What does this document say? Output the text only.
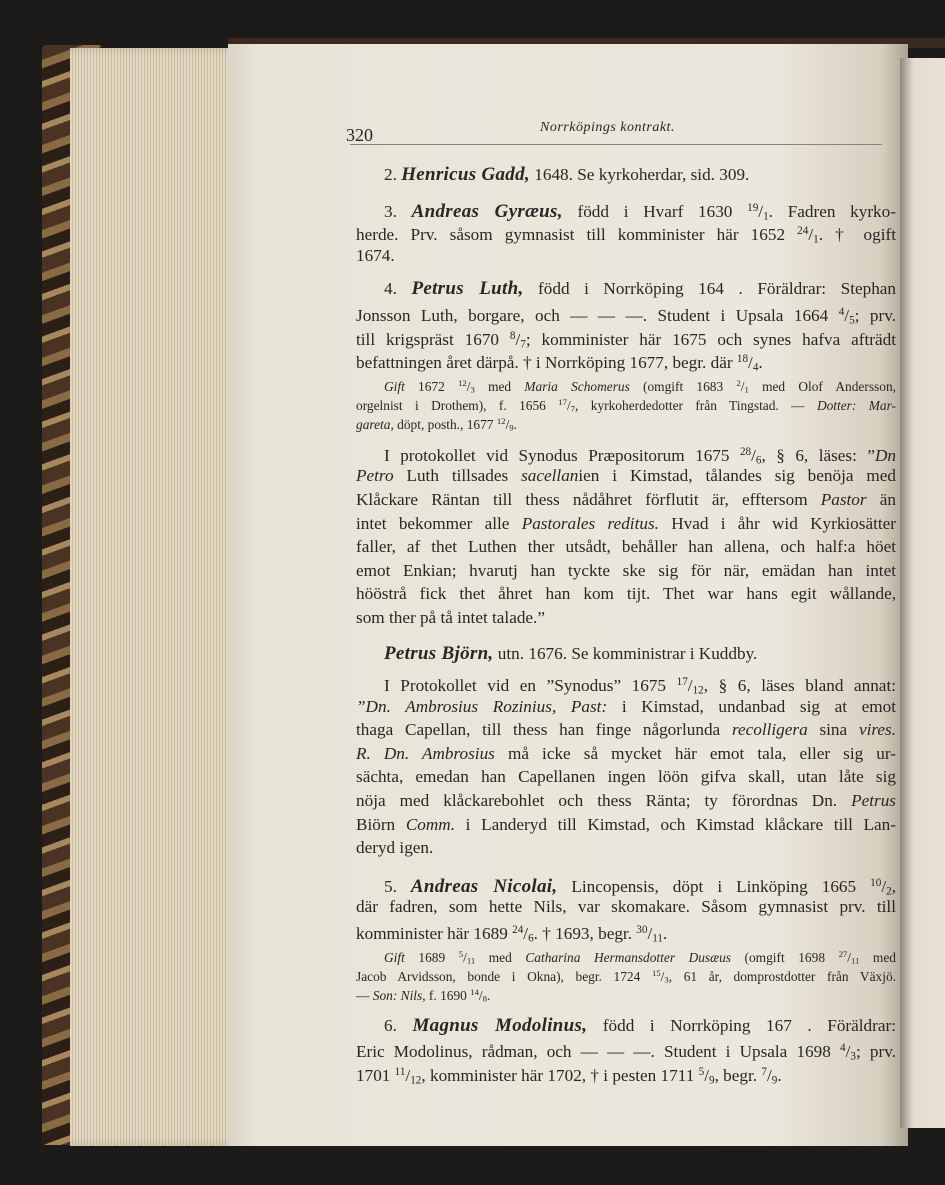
320	Norrköpings kontrakt.
2. Henricus Gadd, 1648. Se kyrkoherdar, sid. 309.
3. Andreas Gyræus, född i Hvarf 1630 $^{19}/_1$. Fadren kyrko-
herde. Prv. såsom gymnasist till komminister här 1652 $^{24}/_1$. † ogift
1674.
4. Petrus Luth, född i Norrköping 164 . Föräldrar: Stephan
Jonsson Luth, borgare, och — — —. Student i Upsala 1664 $^4/_5$; prv.
till krigspräst 1670 $^8/_7$; komminister här 1675 och synes hafva afträdt
befattningen året därpå. † i Norrköping 1677, begr. där $^{18}/_4$.
Gift 1672 $^{12}$/3 med Maria Schomerus (omgift 1683 $^2$/1 med Olof Andersson,
orgelnist i Drothem), f. 1656 $^{17}$/7, kyrkoherdedotter från Tingstad. — Dotter: Mar-
gareta, döpt, posth., 1677 $^{12}$/9.
I protokollet vid Synodus Præpositorum 1675 $^{28}/_6$, § 6, läses: ”Dn
Petro Luth tillsades sacellanien i Kimstad, tålandes sig benöja med
Klåckare Räntan till thess nådåhret förflutit är, efftersom Pastor än
intet bekommer alle Pastorales reditus. Hvad i åhr wid Kyrkiosätter
faller, af thet Luthen ther utsådt, behåller han allena, och half:a höet
emot Enkian; hvarutj han tyckte ske sig för när, emädan han intet
hööstrå fick thet åhret han kom tijt. Thet war hans egit wållande,
som ther på tå intet talade.”
Petrus Björn, utn. 1676. Se komministrar i Kuddby.
I Protokollet vid en ”Synodus” 1675 $^{17}/_{12}$, § 6, läses bland annat:
”Dn. Ambrosius Rozinius, Past: i Kimstad, undanbad sig at emot
thaga Capellan, till thess han finge någorlunda recolligera sina vires.
R. Dn. Ambrosius må icke så mycket här emot tala, eller sig ur-
sächta, emedan han Capellanen ingen löön gifva skall, utan låte sig
nöja med klåckarebohlet och thess Ränta; ty förordnas Dn. Petrus
Biörn Comm. i Landeryd till Kimstad, och Kimstad klåckare till Lan-
deryd igen.
5. Andreas Nicolai, Lincopensis, döpt i Linköping 1665 $^{10}/_2$,
där fadren, som hette Nils, var skomakare. Såsom gymnasist prv. till
komminister här 1689 $^{24}/_6$. † 1693, begr. $^{30}/_{11}$.
Gift 1689 $^5$/11 med Catharina Hermansdotter Dusæus (omgift 1698 $^{27}$/11 med
Jacob Arvidsson, bonde i Okna), begr. 1724 $^{15}$/3, 61 år, domprostdotter från Växjö.
— Son: Nils, f. 1690 $^{14}$/8.
6. Magnus Modolinus, född i Norrköping 167 . Föräldrar:
Eric Modolinus, rådman, och — — —. Student i Upsala 1698 $^4/_3$; prv.
1701 $^{11}/_{12}$, komminister här 1702, † i pesten 1711 $^5/_9$, begr. $^7/_9$.
